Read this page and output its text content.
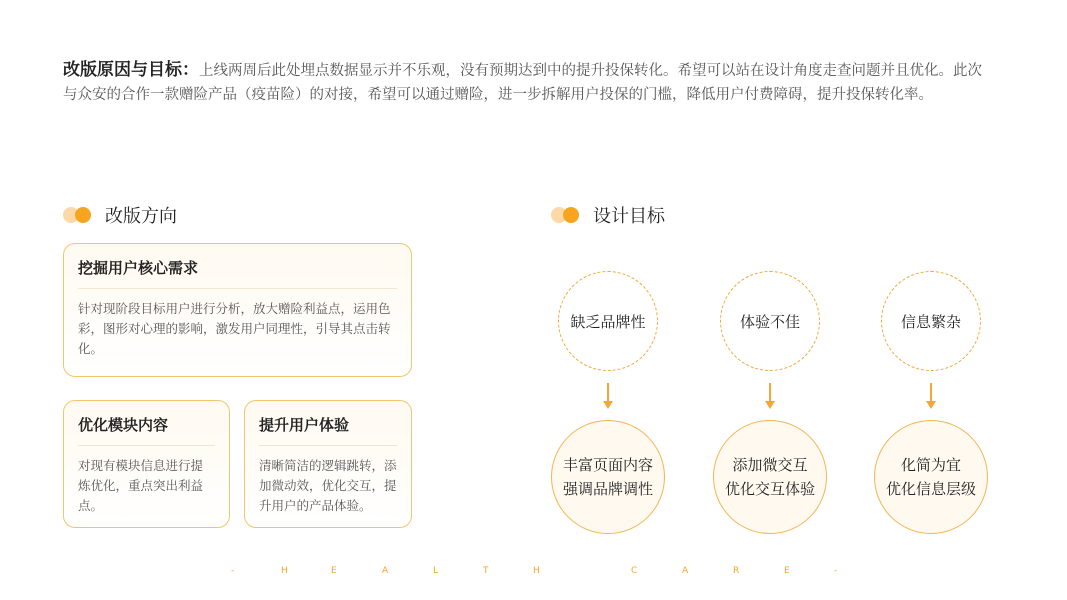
改版原因与目标：上线两周后此处埋点数据显示并不乐观，没有预期达到中的提升投保转化。希望可以站在设计角度走查问题并且优化。此次与众安的合作一款赠险产品（疫苗险）的对接，希望可以通过赠险，进一步拆解用户投保的门槛，降低用户付费障碍，提升投保转化率。
改版方向
挖掘用户核心需求
针对现阶段目标用户进行分析，放大赠险利益点，运用色彩，图形对心理的影响，激发用户同理性，引导其点击转化。
优化模块内容
对现有模块信息进行提炼优化，重点突出利益点。
提升用户体验
清晰简洁的逻辑跳转，添加微动效，优化交互，提升用户的产品体验。
设计目标
缺乏品牌性
丰富页面内容
强调品牌调性
体验不佳
添加微交互
优化交互体验
信息繁杂
化简为宜
优化信息层级
-	H	E	A	L	T	H	C	A	R	E	-
